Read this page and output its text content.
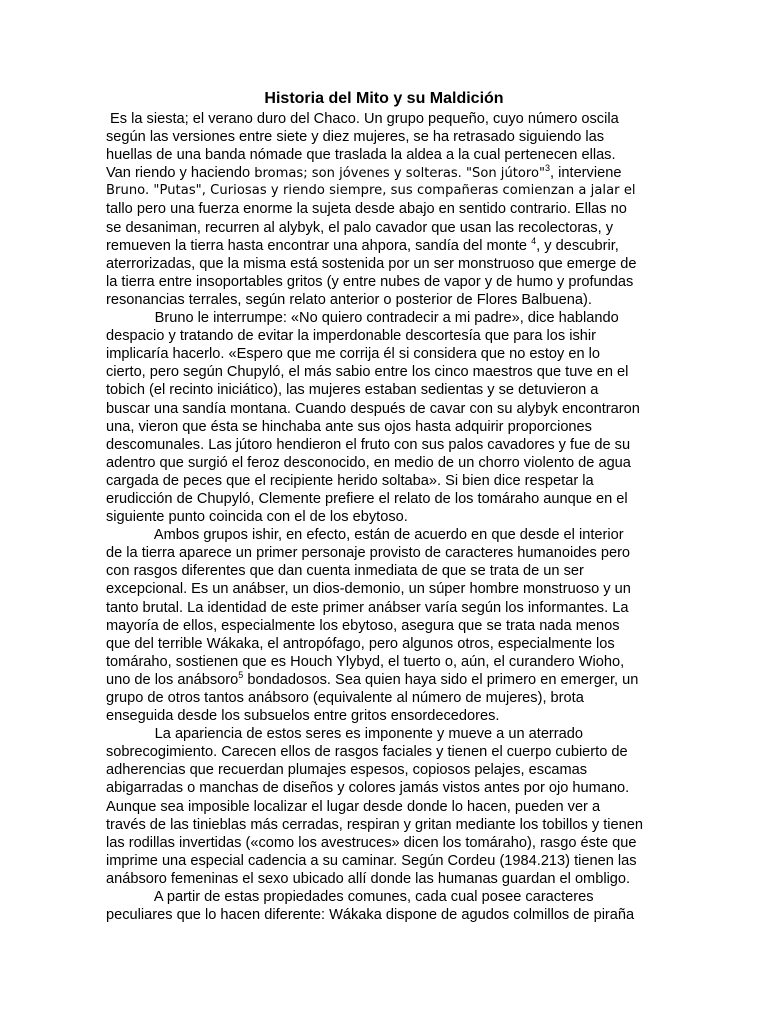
Historia del Mito y su Maldición
Es la siesta; el verano duro del Chaco. Un grupo pequeño, cuyo número oscila
según las versiones entre siete y diez mujeres, se ha retrasado siguiendo las
huellas de una banda nómade que traslada la aldea a la cual pertenecen ellas.
Van riendo y haciendo bromas; son jóvenes y solteras. "Son jútoro"$^3$, interviene
Bruno. "Putas", Curiosas y riendo siempre, sus compañeras comienzan a jalar el
tallo pero una fuerza enorme la sujeta desde abajo en sentido contrario. Ellas no
se desaniman, recurren al alybyk, el palo cavador que usan las recolectoras, y
remueven la tierra hasta encontrar una ahpora, sandía del monte $^4$, y descubrir,
aterrorizadas, que la misma está sostenida por un ser monstruoso que emerge de
la tierra entre insoportables gritos (y entre nubes de vapor y de humo y profundas
resonancias terrales, según relato anterior o posterior de Flores Balbuena).
Bruno le interrumpe: «No quiero contradecir a mi padre», dice hablando
despacio y tratando de evitar la imperdonable descortesía que para los ishir
implicaría hacerlo. «Espero que me corrija él si considera que no estoy en lo
cierto, pero según Chupyló, el más sabio entre los cinco maestros que tuve en el
tobich (el recinto iniciático), las mujeres estaban sedientas y se detuvieron a
buscar una sandía montana. Cuando después de cavar con su alybyk encontraron
una, vieron que ésta se hinchaba ante sus ojos hasta adquirir proporciones
descomunales. Las jútoro hendieron el fruto con sus palos cavadores y fue de su
adentro que surgió el feroz desconocido, en medio de un chorro violento de agua
cargada de peces que el recipiente herido soltaba». Si bien dice respetar la
erudicción de Chupyló, Clemente prefiere el relato de los tomáraho aunque en el
siguiente punto coincida con el de los ebytoso.
Ambos grupos ishir, en efecto, están de acuerdo en que desde el interior
de la tierra aparece un primer personaje provisto de caracteres humanoides pero
con rasgos diferentes que dan cuenta inmediata de que se trata de un ser
excepcional. Es un anábser, un dios-demonio, un súper hombre monstruoso y un
tanto brutal. La identidad de este primer anábser varía según los informantes. La
mayoría de ellos, especialmente los ebytoso, asegura que se trata nada menos
que del terrible Wákaka, el antropófago, pero algunos otros, especialmente los
tomáraho, sostienen que es Houch Ylybyd, el tuerto o, aún, el curandero Wioho,
uno de los anábsoro$^5$ bondadosos. Sea quien haya sido el primero en emerger, un
grupo de otros tantos anábsoro (equivalente al número de mujeres), brota
enseguida desde los subsuelos entre gritos ensordecedores.
La apariencia de estos seres es imponente y mueve a un aterrado
sobrecogimiento. Carecen ellos de rasgos faciales y tienen el cuerpo cubierto de
adherencias que recuerdan plumajes espesos, copiosos pelajes, escamas
abigarradas o manchas de diseños y colores jamás vistos antes por ojo humano.
Aunque sea imposible localizar el lugar desde donde lo hacen, pueden ver a
través de las tinieblas más cerradas, respiran y gritan mediante los tobillos y tienen
las rodillas invertidas («como los avestruces» dicen los tomáraho), rasgo éste que
imprime una especial cadencia a su caminar. Según Cordeu (1984.213) tienen las
anábsoro femeninas el sexo ubicado allí donde las humanas guardan el ombligo.
A partir de estas propiedades comunes, cada cual posee caracteres
peculiares que lo hacen diferente: Wákaka dispone de agudos colmillos de piraña
